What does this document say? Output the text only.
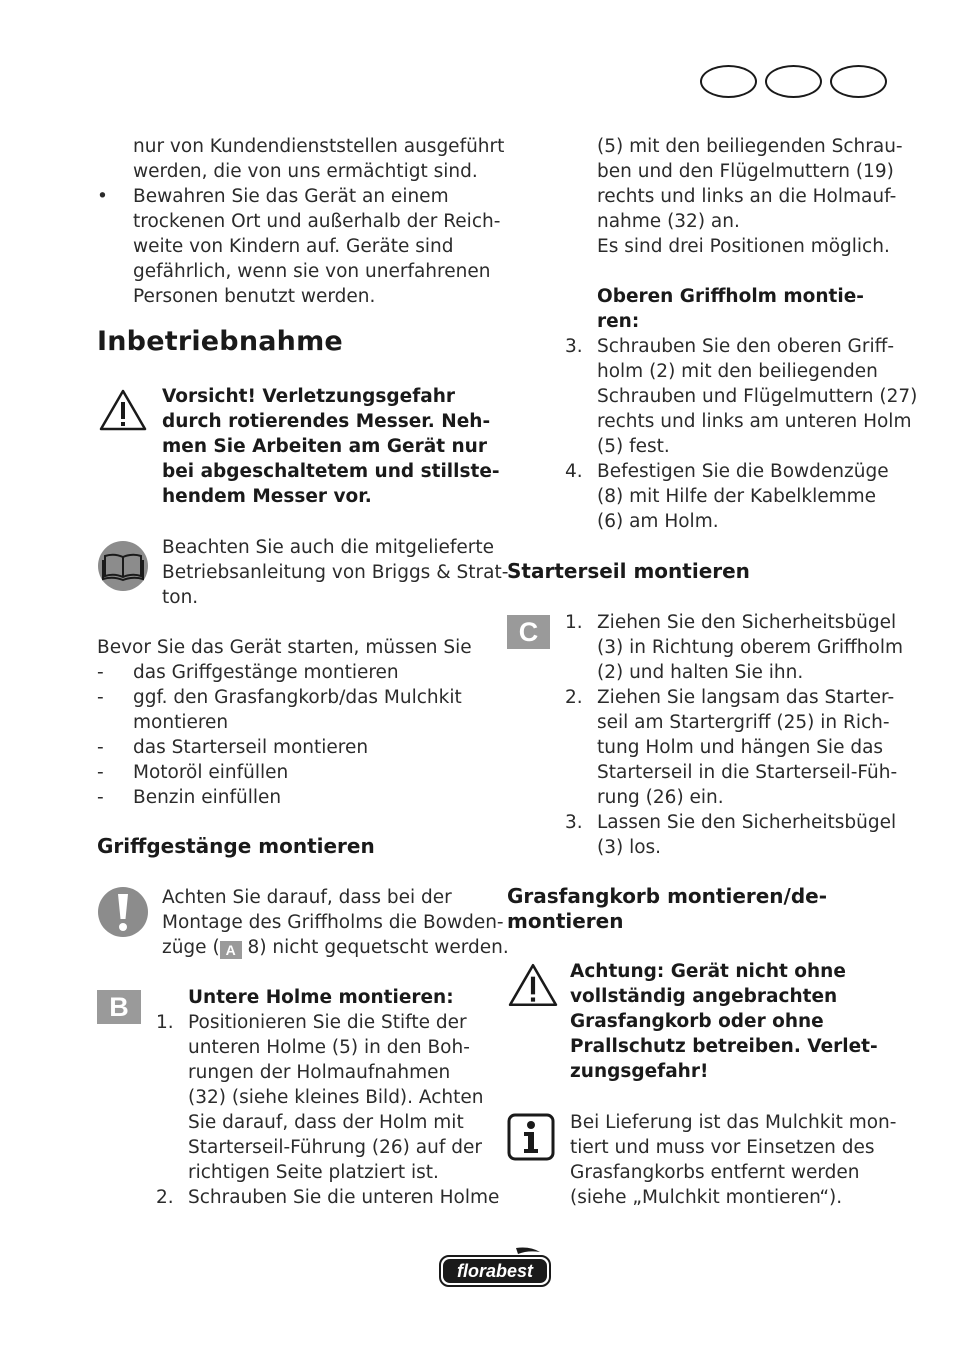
nur von Kundendienststellen ausgeführt
werden, die von uns ermächtigt sind.
• Bewahren Sie das Gerät an einem
trockenen Ort und außerhalb der Reich-
weite von Kindern auf. Geräte sind
gefährlich, wenn sie von unerfahrenen
Personen benutzt werden.
Inbetriebnahme
Vorsicht! Verletzungsgefahr
durch rotierendes Messer. Neh-
men Sie Arbeiten am Gerät nur
bei abgeschaltetem und stillste-
hendem Messer vor.
Beachten Sie auch die mitgelieferte
Betriebsanleitung von Briggs & Strat-
ton.
Bevor Sie das Gerät starten, müssen Sie
- das Griffgestänge montieren
- ggf. den Grasfangkorb/das Mulchkit
montieren
- das Starterseil montieren
- Motoröl einfüllen
- Benzin einfüllen
Griffgestänge montieren
Achten Sie darauf, dass bei der
Montage des Griffholms die Bowden-
züge ( A 8) nicht gequetscht werden.
B	Untere Holme montieren:
1. Positionieren Sie die Stifte der
unteren Holme (5) in den Boh-
rungen der Holmaufnahmen
(32) (siehe kleines Bild). Achten
Sie darauf, dass der Holm mit
Starterseil-Führung (26) auf der
richtigen Seite platziert ist.
2. Schrauben Sie die unteren Holme
(5) mit den beiliegenden Schrau-
ben und den Flügelmuttern (19)
rechts und links an die Holmauf-
nahme (32) an.
Es sind drei Positionen möglich.
Oberen Griffholm montie-
ren:
3. Schrauben Sie den oberen Griff-
holm (2) mit den beiliegenden
Schrauben und Flügelmuttern (27)
rechts und links am unteren Holm
(5) fest.
4. Befestigen Sie die Bowdenzüge
(8) mit Hilfe der Kabelklemme
(6) am Holm.
Starterseil montieren
C	1. Ziehen Sie den Sicherheitsbügel
(3) in Richtung oberem Griffholm
(2) und halten Sie ihn.
2. Ziehen Sie langsam das Starter-
seil am Startergriff (25) in Rich-
tung Holm und hängen Sie das
Starterseil in die Starterseil-Füh-
rung (26) ein.
3. Lassen Sie den Sicherheitsbügel
(3) los.
Grasfangkorb montieren/de-
montieren
Achtung: Gerät nicht ohne
vollständig angebrachten
Grasfangkorb oder ohne
Prallschutz betreiben. Verlet-
zungsgefahr!
Bei Lieferung ist das Mulchkit mon-
tiert und muss vor Einsetzen des
Grasfangkorbs entfernt werden
(siehe „Mulchkit montieren“).
florabest
